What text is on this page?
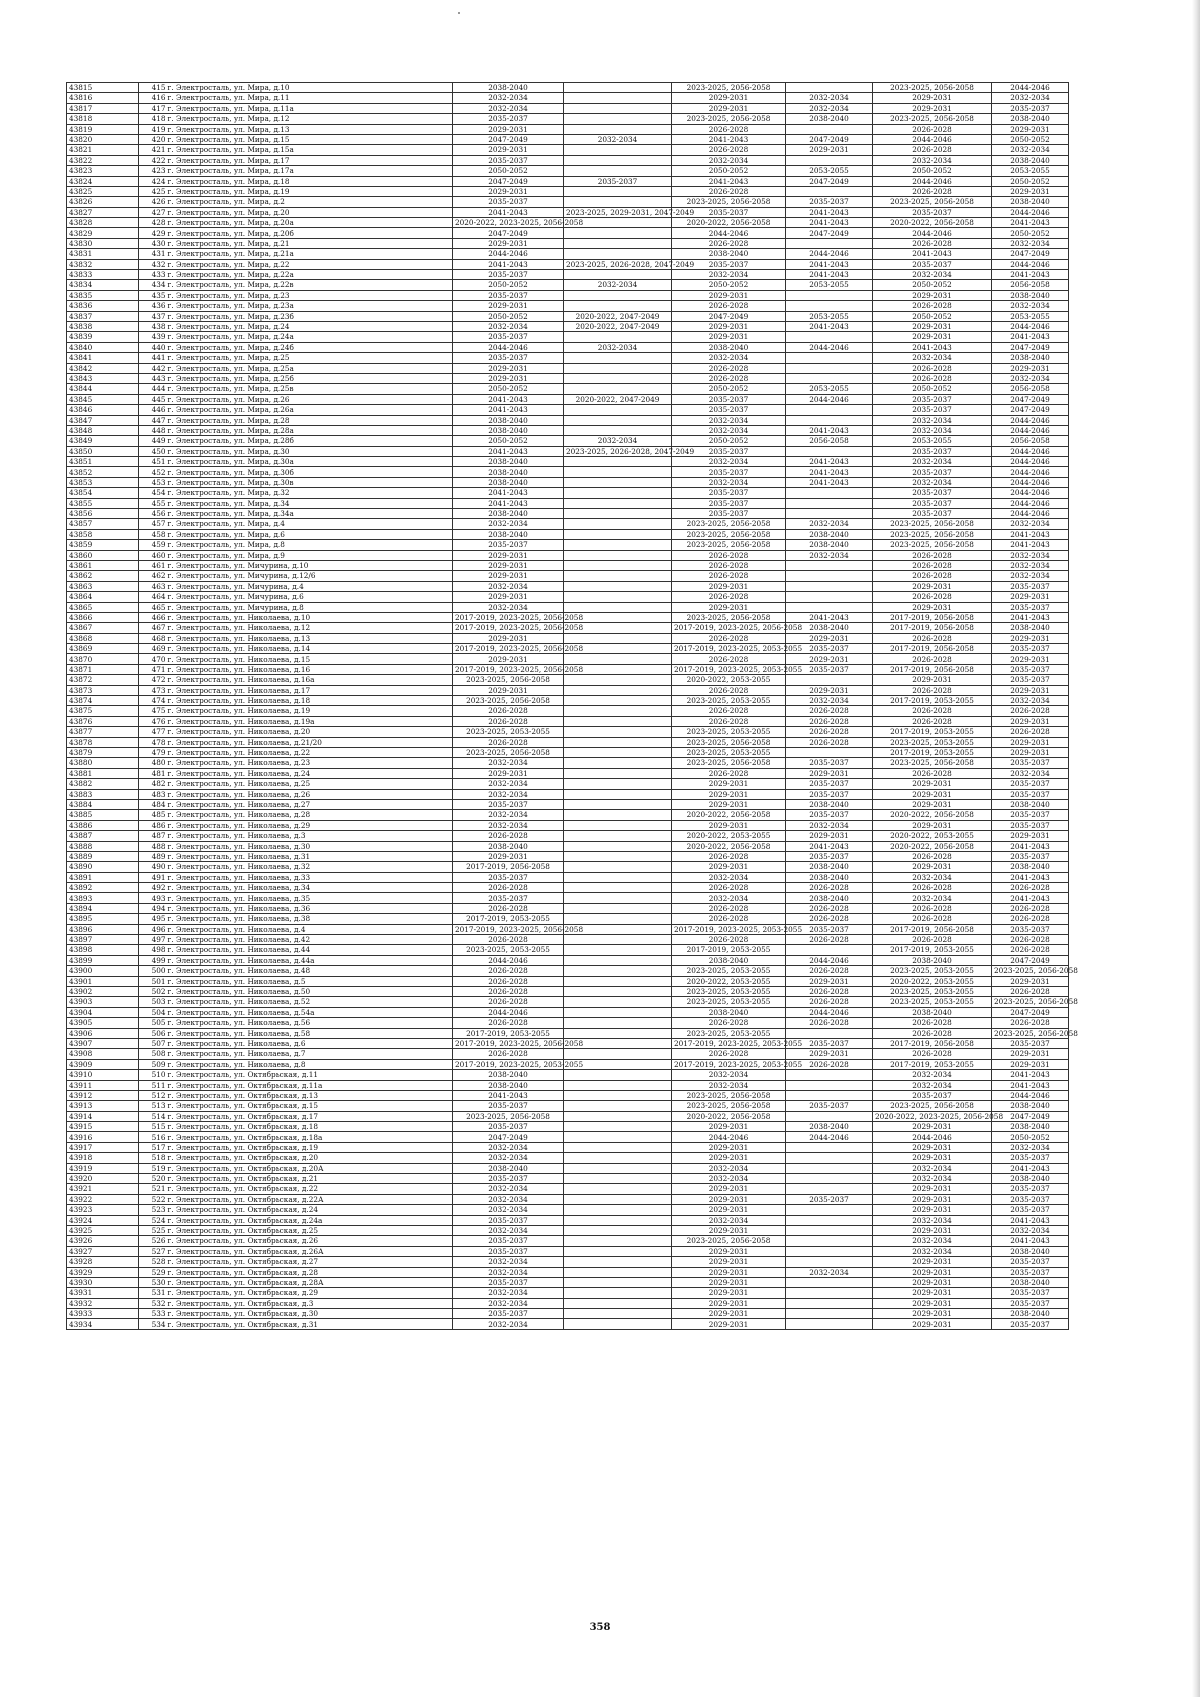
43815	415	г. Электросталь, ул. Мира, д.10	2038-2040		2023-2025, 2056-2058		2023-2025, 2056-2058	2044-2046
43816	416	г. Электросталь, ул. Мира, д.11	2032-2034		2029-2031	2032-2034	2029-2031	2032-2034
43817	417	г. Электросталь, ул. Мира, д.11а	2032-2034		2029-2031	2032-2034	2029-2031	2035-2037
43818	418	г. Электросталь, ул. Мира, д.12	2035-2037		2023-2025, 2056-2058	2038-2040	2023-2025, 2056-2058	2038-2040
43819	419	г. Электросталь, ул. Мира, д.13	2029-2031		2026-2028		2026-2028	2029-2031
43820	420	г. Электросталь, ул. Мира, д.15	2047-2049	2032-2034	2041-2043	2047-2049	2044-2046	2050-2052
43821	421	г. Электросталь, ул. Мира, д.15а	2029-2031		2026-2028	2029-2031	2026-2028	2032-2034
43822	422	г. Электросталь, ул. Мира, д.17	2035-2037		2032-2034		2032-2034	2038-2040
43823	423	г. Электросталь, ул. Мира, д.17а	2050-2052		2050-2052	2053-2055	2050-2052	2053-2055
43824	424	г. Электросталь, ул. Мира, д.18	2047-2049	2035-2037	2041-2043	2047-2049	2044-2046	2050-2052
43825	425	г. Электросталь, ул. Мира, д.19	2029-2031		2026-2028		2026-2028	2029-2031
43826	426	г. Электросталь, ул. Мира, д.2	2035-2037		2023-2025, 2056-2058	2035-2037	2023-2025, 2056-2058	2038-2040
43827	427	г. Электросталь, ул. Мира, д.20	2041-2043	2023-2025, 2029-2031, 2047-2049	2035-2037	2041-2043	2035-2037	2044-2046
43828	428	г. Электросталь, ул. Мира, д.20а	2020-2022, 2023-2025, 2056-2058		2020-2022, 2056-2058	2041-2043	2020-2022, 2056-2058	2041-2043
43829	429	г. Электросталь, ул. Мира, д.20б	2047-2049		2044-2046	2047-2049	2044-2046	2050-2052
43830	430	г. Электросталь, ул. Мира, д.21	2029-2031		2026-2028		2026-2028	2032-2034
43831	431	г. Электросталь, ул. Мира, д.21а	2044-2046		2038-2040	2044-2046	2041-2043	2047-2049
43832	432	г. Электросталь, ул. Мира, д.22	2041-2043	2023-2025, 2026-2028, 2047-2049	2035-2037	2041-2043	2035-2037	2044-2046
43833	433	г. Электросталь, ул. Мира, д.22а	2035-2037		2032-2034	2041-2043	2032-2034	2041-2043
43834	434	г. Электросталь, ул. Мира, д.22в	2050-2052	2032-2034	2050-2052	2053-2055	2050-2052	2056-2058
43835	435	г. Электросталь, ул. Мира, д.23	2035-2037		2029-2031		2029-2031	2038-2040
43836	436	г. Электросталь, ул. Мира, д.23а	2029-2031		2026-2028		2026-2028	2032-2034
43837	437	г. Электросталь, ул. Мира, д.23б	2050-2052	2020-2022, 2047-2049	2047-2049	2053-2055	2050-2052	2053-2055
43838	438	г. Электросталь, ул. Мира, д.24	2032-2034	2020-2022, 2047-2049	2029-2031	2041-2043	2029-2031	2044-2046
43839	439	г. Электросталь, ул. Мира, д.24а	2035-2037		2029-2031		2029-2031	2041-2043
43840	440	г. Электросталь, ул. Мира, д.24б	2044-2046	2032-2034	2038-2040	2044-2046	2041-2043	2047-2049
43841	441	г. Электросталь, ул. Мира, д.25	2035-2037		2032-2034		2032-2034	2038-2040
43842	442	г. Электросталь, ул. Мира, д.25а	2029-2031		2026-2028		2026-2028	2029-2031
43843	443	г. Электросталь, ул. Мира, д.25б	2029-2031		2026-2028		2026-2028	2032-2034
43844	444	г. Электросталь, ул. Мира, д.25в	2050-2052		2050-2052	2053-2055	2050-2052	2056-2058
43845	445	г. Электросталь, ул. Мира, д.26	2041-2043	2020-2022, 2047-2049	2035-2037	2044-2046	2035-2037	2047-2049
43846	446	г. Электросталь, ул. Мира, д.26а	2041-2043		2035-2037		2035-2037	2047-2049
43847	447	г. Электросталь, ул. Мира, д.28	2038-2040		2032-2034		2032-2034	2044-2046
43848	448	г. Электросталь, ул. Мира, д.28а	2038-2040		2032-2034	2041-2043	2032-2034	2044-2046
43849	449	г. Электросталь, ул. Мира, д.28б	2050-2052	2032-2034	2050-2052	2056-2058	2053-2055	2056-2058
43850	450	г. Электросталь, ул. Мира, д.30	2041-2043	2023-2025, 2026-2028, 2047-2049	2035-2037		2035-2037	2044-2046
43851	451	г. Электросталь, ул. Мира, д.30а	2038-2040		2032-2034	2041-2043	2032-2034	2044-2046
43852	452	г. Электросталь, ул. Мира, д.30б	2038-2040		2035-2037	2041-2043	2035-2037	2044-2046
43853	453	г. Электросталь, ул. Мира, д.30в	2038-2040		2032-2034	2041-2043	2032-2034	2044-2046
43854	454	г. Электросталь, ул. Мира, д.32	2041-2043		2035-2037		2035-2037	2044-2046
43855	455	г. Электросталь, ул. Мира, д.34	2041-2043		2035-2037		2035-2037	2044-2046
43856	456	г. Электросталь, ул. Мира, д.34а	2038-2040		2035-2037		2035-2037	2044-2046
43857	457	г. Электросталь, ул. Мира, д.4	2032-2034		2023-2025, 2056-2058	2032-2034	2023-2025, 2056-2058	2032-2034
43858	458	г. Электросталь, ул. Мира, д.6	2038-2040		2023-2025, 2056-2058	2038-2040	2023-2025, 2056-2058	2041-2043
43859	459	г. Электросталь, ул. Мира, д.8	2035-2037		2023-2025, 2056-2058	2038-2040	2023-2025, 2056-2058	2041-2043
43860	460	г. Электросталь, ул. Мира, д.9	2029-2031		2026-2028	2032-2034	2026-2028	2032-2034
43861	461	г. Электросталь, ул. Мичурина, д.10	2029-2031		2026-2028		2026-2028	2032-2034
43862	462	г. Электросталь, ул. Мичурина, д.12/6	2029-2031		2026-2028		2026-2028	2032-2034
43863	463	г. Электросталь, ул. Мичурина, д.4	2032-2034		2029-2031		2029-2031	2035-2037
43864	464	г. Электросталь, ул. Мичурина, д.6	2029-2031		2026-2028		2026-2028	2029-2031
43865	465	г. Электросталь, ул. Мичурина, д.8	2032-2034		2029-2031		2029-2031	2035-2037
43866	466	г. Электросталь, ул. Николаева, д.10	2017-2019, 2023-2025, 2056-2058		2023-2025, 2056-2058	2041-2043	2017-2019, 2056-2058	2041-2043
43867	467	г. Электросталь, ул. Николаева, д.12	2017-2019, 2023-2025, 2056-2058		2017-2019, 2023-2025, 2056-2058	2038-2040	2017-2019, 2056-2058	2038-2040
43868	468	г. Электросталь, ул. Николаева, д.13	2029-2031		2026-2028	2029-2031	2026-2028	2029-2031
43869	469	г. Электросталь, ул. Николаева, д.14	2017-2019, 2023-2025, 2056-2058		2017-2019, 2023-2025, 2053-2055	2035-2037	2017-2019, 2056-2058	2035-2037
43870	470	г. Электросталь, ул. Николаева, д.15	2029-2031		2026-2028	2029-2031	2026-2028	2029-2031
43871	471	г. Электросталь, ул. Николаева, д.16	2017-2019, 2023-2025, 2056-2058		2017-2019, 2023-2025, 2053-2055	2035-2037	2017-2019, 2056-2058	2035-2037
43872	472	г. Электросталь, ул. Николаева, д.16а	2023-2025, 2056-2058		2020-2022, 2053-2055		2029-2031	2035-2037
43873	473	г. Электросталь, ул. Николаева, д.17	2029-2031		2026-2028	2029-2031	2026-2028	2029-2031
43874	474	г. Электросталь, ул. Николаева, д.18	2023-2025, 2056-2058		2023-2025, 2053-2055	2032-2034	2017-2019, 2053-2055	2032-2034
43875	475	г. Электросталь, ул. Николаева, д.19	2026-2028		2026-2028	2026-2028	2026-2028	2026-2028
43876	476	г. Электросталь, ул. Николаева, д.19а	2026-2028		2026-2028	2026-2028	2026-2028	2029-2031
43877	477	г. Электросталь, ул. Николаева, д.20	2023-2025, 2053-2055		2023-2025, 2053-2055	2026-2028	2017-2019, 2053-2055	2026-2028
43878	478	г. Электросталь, ул. Николаева, д.21/20	2026-2028		2023-2025, 2056-2058	2026-2028	2023-2025, 2053-2055	2029-2031
43879	479	г. Электросталь, ул. Николаева, д.22	2023-2025, 2056-2058		2023-2025, 2053-2055		2017-2019, 2053-2055	2029-2031
43880	480	г. Электросталь, ул. Николаева, д.23	2032-2034		2023-2025, 2056-2058	2035-2037	2023-2025, 2056-2058	2035-2037
43881	481	г. Электросталь, ул. Николаева, д.24	2029-2031		2026-2028	2029-2031	2026-2028	2032-2034
43882	482	г. Электросталь, ул. Николаева, д.25	2032-2034		2029-2031	2035-2037	2029-2031	2035-2037
43883	483	г. Электросталь, ул. Николаева, д.26	2032-2034		2029-2031	2035-2037	2029-2031	2035-2037
43884	484	г. Электросталь, ул. Николаева, д.27	2035-2037		2029-2031	2038-2040	2029-2031	2038-2040
43885	485	г. Электросталь, ул. Николаева, д.28	2032-2034		2020-2022, 2056-2058	2035-2037	2020-2022, 2056-2058	2035-2037
43886	486	г. Электросталь, ул. Николаева, д.29	2032-2034		2029-2031	2032-2034	2029-2031	2035-2037
43887	487	г. Электросталь, ул. Николаева, д.3	2026-2028		2020-2022, 2053-2055	2029-2031	2020-2022, 2053-2055	2029-2031
43888	488	г. Электросталь, ул. Николаева, д.30	2038-2040		2020-2022, 2056-2058	2041-2043	2020-2022, 2056-2058	2041-2043
43889	489	г. Электросталь, ул. Николаева, д.31	2029-2031		2026-2028	2035-2037	2026-2028	2035-2037
43890	490	г. Электросталь, ул. Николаева, д.32	2017-2019, 2056-2058		2029-2031	2038-2040	2029-2031	2038-2040
43891	491	г. Электросталь, ул. Николаева, д.33	2035-2037		2032-2034	2038-2040	2032-2034	2041-2043
43892	492	г. Электросталь, ул. Николаева, д.34	2026-2028		2026-2028	2026-2028	2026-2028	2026-2028
43893	493	г. Электросталь, ул. Николаева, д.35	2035-2037		2032-2034	2038-2040	2032-2034	2041-2043
43894	494	г. Электросталь, ул. Николаева, д.36	2026-2028		2026-2028	2026-2028	2026-2028	2026-2028
43895	495	г. Электросталь, ул. Николаева, д.38	2017-2019, 2053-2055		2026-2028	2026-2028	2026-2028	2026-2028
43896	496	г. Электросталь, ул. Николаева, д.4	2017-2019, 2023-2025, 2056-2058		2017-2019, 2023-2025, 2053-2055	2035-2037	2017-2019, 2056-2058	2035-2037
43897	497	г. Электросталь, ул. Николаева, д.42	2026-2028		2026-2028	2026-2028	2026-2028	2026-2028
43898	498	г. Электросталь, ул. Николаева, д.44	2023-2025, 2053-2055		2017-2019, 2053-2055		2017-2019, 2053-2055	2026-2028
43899	499	г. Электросталь, ул. Николаева, д.44а	2044-2046		2038-2040	2044-2046	2038-2040	2047-2049
43900	500	г. Электросталь, ул. Николаева, д.48	2026-2028		2023-2025, 2053-2055	2026-2028	2023-2025, 2053-2055	2023-2025, 2056-2058
43901	501	г. Электросталь, ул. Николаева, д.5	2026-2028		2020-2022, 2053-2055	2029-2031	2020-2022, 2053-2055	2029-2031
43902	502	г. Электросталь, ул. Николаева, д.50	2026-2028		2023-2025, 2053-2055	2026-2028	2023-2025, 2053-2055	2026-2028
43903	503	г. Электросталь, ул. Николаева, д.52	2026-2028		2023-2025, 2053-2055	2026-2028	2023-2025, 2053-2055	2023-2025, 2056-2058
43904	504	г. Электросталь, ул. Николаева, д.54а	2044-2046		2038-2040	2044-2046	2038-2040	2047-2049
43905	505	г. Электросталь, ул. Николаева, д.56	2026-2028		2026-2028	2026-2028	2026-2028	2026-2028
43906	506	г. Электросталь, ул. Николаева, д.58	2017-2019, 2053-2055		2023-2025, 2053-2055		2026-2028	2023-2025, 2056-2058
43907	507	г. Электросталь, ул. Николаева, д.6	2017-2019, 2023-2025, 2056-2058		2017-2019, 2023-2025, 2053-2055	2035-2037	2017-2019, 2056-2058	2035-2037
43908	508	г. Электросталь, ул. Николаева, д.7	2026-2028		2026-2028	2029-2031	2026-2028	2029-2031
43909	509	г. Электросталь, ул. Николаева, д.8	2017-2019, 2023-2025, 2053-2055		2017-2019, 2023-2025, 2053-2055	2026-2028	2017-2019, 2053-2055	2029-2031
43910	510	г. Электросталь, ул. Октябрьская, д.11	2038-2040		2032-2034		2032-2034	2041-2043
43911	511	г. Электросталь, ул. Октябрьская, д.11а	2038-2040		2032-2034		2032-2034	2041-2043
43912	512	г. Электросталь, ул. Октябрьская, д.13	2041-2043		2023-2025, 2056-2058		2035-2037	2044-2046
43913	513	г. Электросталь, ул. Октябрьская, д.15	2035-2037		2023-2025, 2056-2058	2035-2037	2023-2025, 2056-2058	2038-2040
43914	514	г. Электросталь, ул. Октябрьская, д.17	2023-2025, 2056-2058		2020-2022, 2056-2058		2020-2022, 2023-2025, 2056-2058	2047-2049
43915	515	г. Электросталь, ул. Октябрьская, д.18	2035-2037		2029-2031	2038-2040	2029-2031	2038-2040
43916	516	г. Электросталь, ул. Октябрьская, д.18а	2047-2049		2044-2046	2044-2046	2044-2046	2050-2052
43917	517	г. Электросталь, ул. Октябрьская, д.19	2032-2034		2029-2031		2029-2031	2032-2034
43918	518	г. Электросталь, ул. Октябрьская, д.20	2032-2034		2029-2031		2029-2031	2035-2037
43919	519	г. Электросталь, ул. Октябрьская, д.20А	2038-2040		2032-2034		2032-2034	2041-2043
43920	520	г. Электросталь, ул. Октябрьская, д.21	2035-2037		2032-2034		2032-2034	2038-2040
43921	521	г. Электросталь, ул. Октябрьская, д.22	2032-2034		2029-2031		2029-2031	2035-2037
43922	522	г. Электросталь, ул. Октябрьская, д.22А	2032-2034		2029-2031	2035-2037	2029-2031	2035-2037
43923	523	г. Электросталь, ул. Октябрьская, д.24	2032-2034		2029-2031		2029-2031	2035-2037
43924	524	г. Электросталь, ул. Октябрьская, д.24а	2035-2037		2032-2034		2032-2034	2041-2043
43925	525	г. Электросталь, ул. Октябрьская, д.25	2032-2034		2029-2031		2029-2031	2032-2034
43926	526	г. Электросталь, ул. Октябрьская, д.26	2035-2037		2023-2025, 2056-2058		2032-2034	2041-2043
43927	527	г. Электросталь, ул. Октябрьская, д.26А	2035-2037		2029-2031		2032-2034	2038-2040
43928	528	г. Электросталь, ул. Октябрьская, д.27	2032-2034		2029-2031		2029-2031	2035-2037
43929	529	г. Электросталь, ул. Октябрьская, д.28	2032-2034		2029-2031	2032-2034	2029-2031	2035-2037
43930	530	г. Электросталь, ул. Октябрьская, д.28А	2035-2037		2029-2031		2029-2031	2038-2040
43931	531	г. Электросталь, ул. Октябрьская, д.29	2032-2034		2029-2031		2029-2031	2035-2037
43932	532	г. Электросталь, ул. Октябрьская, д.3	2032-2034		2029-2031		2029-2031	2035-2037
43933	533	г. Электросталь, ул. Октябрьская, д.30	2035-2037		2029-2031		2029-2031	2038-2040
43934	534	г. Электросталь, ул. Октябрьская, д.31	2032-2034		2029-2031		2029-2031	2035-2037
358
